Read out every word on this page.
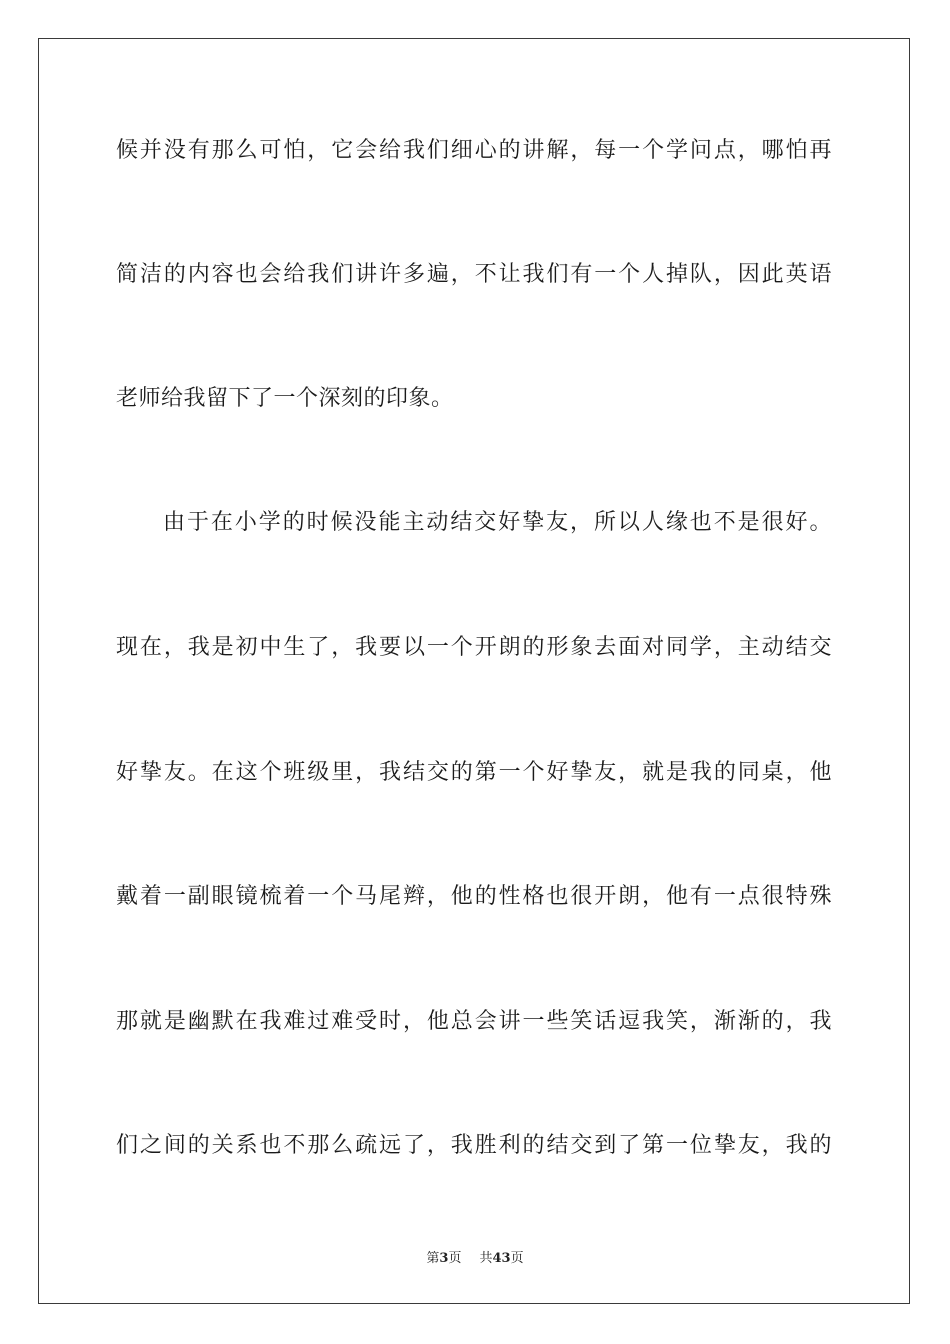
候并没有那么可怕，它会给我们细心的讲解，每一个学问点，哪怕再
简洁的内容也会给我们讲许多遍，不让我们有一个人掉队，因此英语
老师给我留下了一个深刻的印象。
由于在小学的时候没能主动结交好挚友，所以人缘也不是很好。
现在，我是初中生了，我要以一个开朗的形象去面对同学，主动结交
好挚友。在这个班级里，我结交的第一个好挚友，就是我的同桌，他
戴着一副眼镜梳着一个马尾辫，他的性格也很开朗，他有一点很特殊
那就是幽默在我难过难受时，他总会讲一些笑话逗我笑，渐渐的，我
们之间的关系也不那么疏远了，我胜利的结交到了第一位挚友，我的
第3页 共43页
